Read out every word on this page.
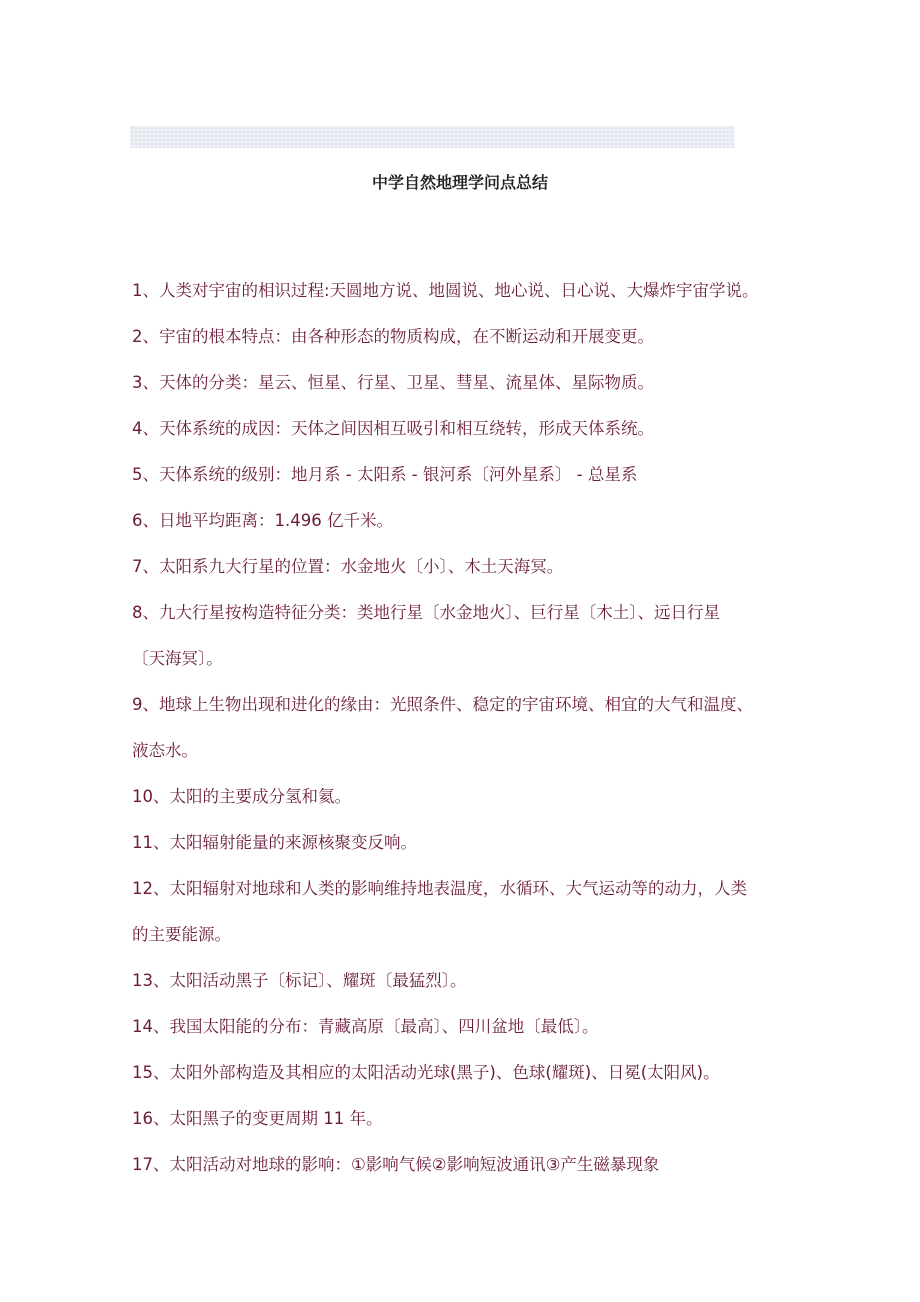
中学自然地理学问点总结
1、人类对宇宙的相识过程:天圆地方说、地圆说、地心说、日心说、大爆炸宇宙学说。
2、宇宙的根本特点：由各种形态的物质构成，在不断运动和开展变更。
3、天体的分类：星云、恒星、行星、卫星、彗星、流星体、星际物质。
4、天体系统的成因：天体之间因相互吸引和相互绕转，形成天体系统。
5、天体系统的级别：地月系 - 太阳系 - 银河系〔河外星系〕 - 总星系
6、日地平均距离：1.496 亿千米。
7、太阳系九大行星的位置：水金地火〔小〕、木土天海冥。
8、九大行星按构造特征分类：类地行星〔水金地火〕、巨行星〔木土〕、远日行星
〔天海冥〕。
9、地球上生物出现和进化的缘由：光照条件、稳定的宇宙环境、相宜的大气和温度、
液态水。
10、太阳的主要成分氢和氦。
11、太阳辐射能量的来源核聚变反响。
12、太阳辐射对地球和人类的影响维持地表温度，水循环、大气运动等的动力，人类
的主要能源。
13、太阳活动黑子〔标记〕、耀斑〔最猛烈〕。
14、我国太阳能的分布：青藏高原〔最高〕、四川盆地〔最低〕。
15、太阳外部构造及其相应的太阳活动光球(黑子)、色球(耀斑)、日冕(太阳风)。
16、太阳黑子的变更周期 11 年。
17、太阳活动对地球的影响：①影响气候②影响短波通讯③产生磁暴现象
